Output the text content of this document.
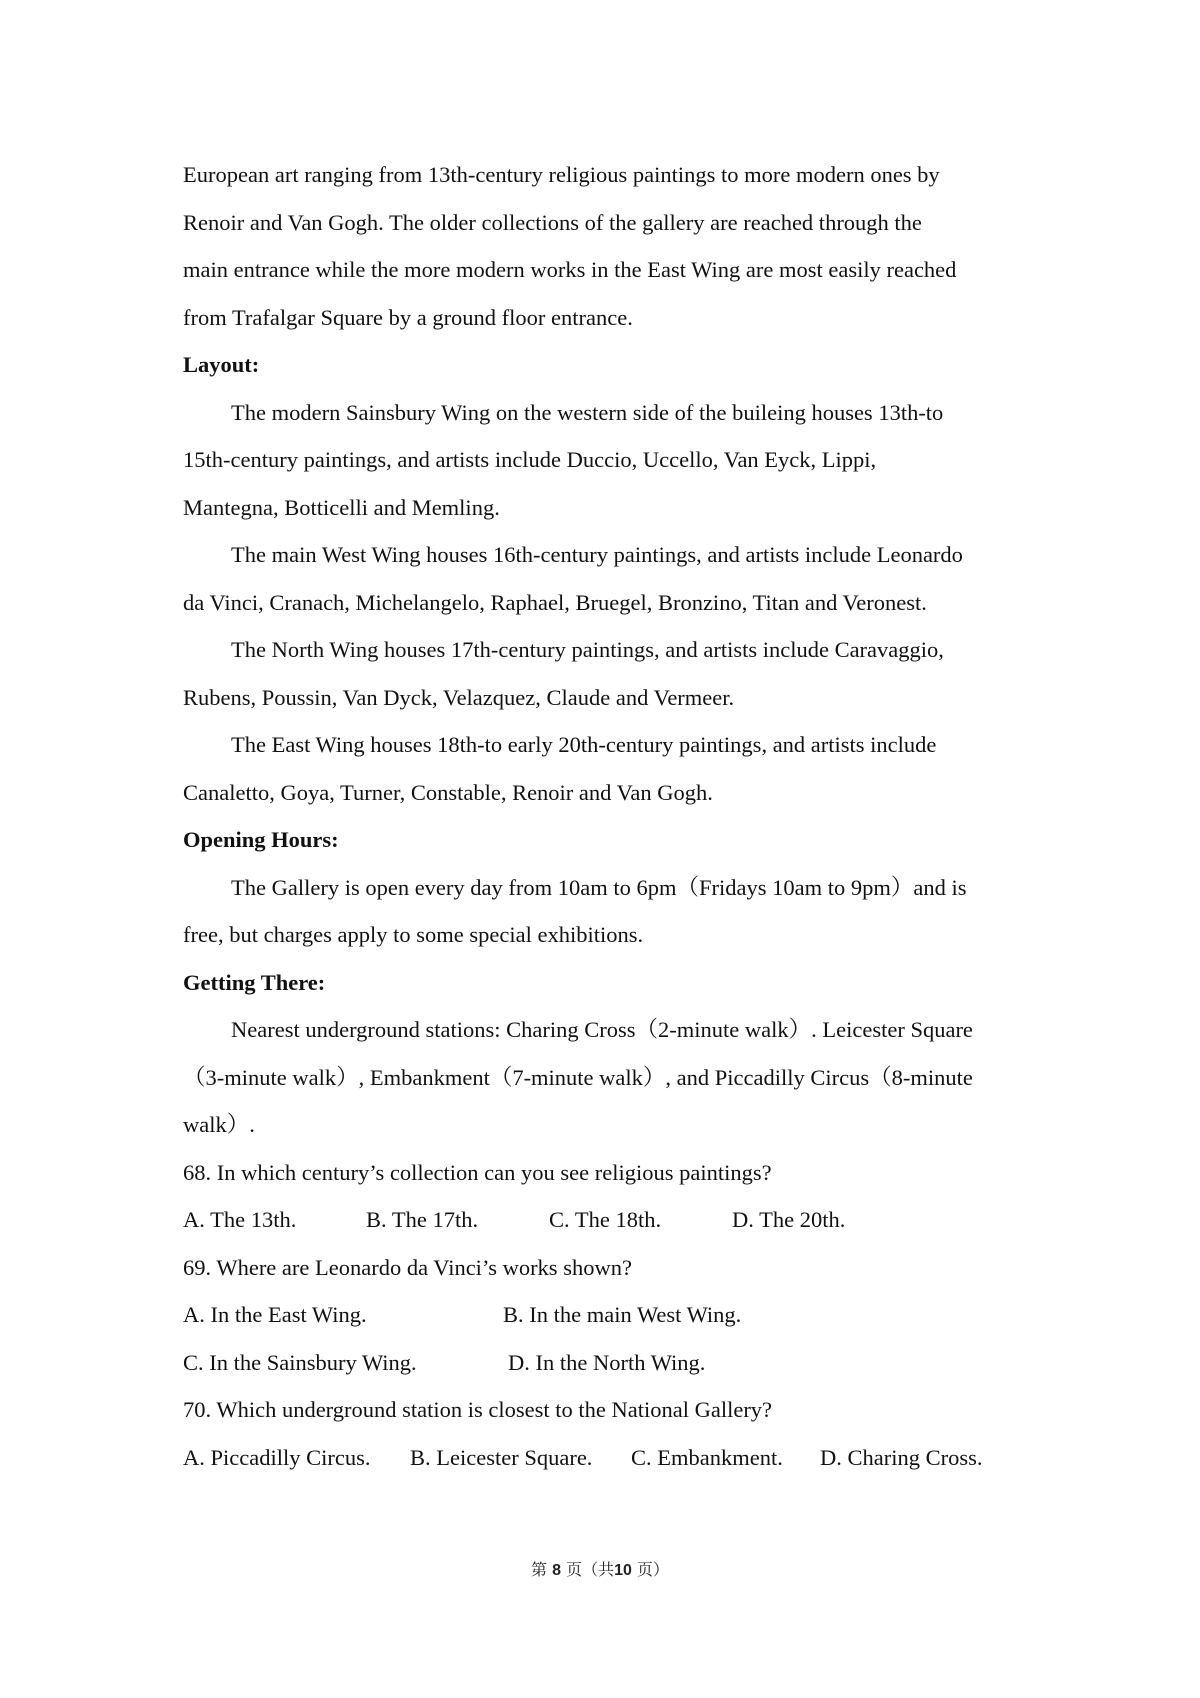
European art ranging from 13th-century religious paintings to more modern ones by
Renoir and Van Gogh. The older collections of the gallery are reached through the
main entrance while the more modern works in the East Wing are most easily reached
from Trafalgar Square by a ground floor entrance.
Layout:
The modern Sainsbury Wing on the western side of the buileing houses 13th-to
15th-century paintings, and artists include Duccio, Uccello, Van Eyck, Lippi,
Mantegna, Botticelli and Memling.
The main West Wing houses 16th-century paintings, and artists include Leonardo
da Vinci, Cranach, Michelangelo, Raphael, Bruegel, Bronzino, Titan and Veronest.
The North Wing houses 17th-century paintings, and artists include Caravaggio,
Rubens, Poussin, Van Dyck, Velazquez, Claude and Vermeer.
The East Wing houses 18th-to early 20th-century paintings, and artists include
Canaletto, Goya, Turner, Constable, Renoir and Van Gogh.
Opening Hours:
The Gallery is open every day from 10am to 6pm（Fridays 10am to 9pm）and is
free, but charges apply to some special exhibitions.
Getting There:
Nearest underground stations: Charing Cross（2-minute walk）. Leicester Square
（3-minute walk）, Embankment（7-minute walk）, and Piccadilly Circus（8-minute
walk）.
68. In which century’s collection can you see religious paintings?
A. The 13th.	B. The 17th.	C. The 18th.	D. The 20th.
69. Where are Leonardo da Vinci’s works shown?
A. In the East Wing.	B. In the main West Wing.
C. In the Sainsbury Wing.	D. In the North Wing.
70. Which underground station is closest to the National Gallery?
A. Piccadilly Circus. B. Leicester Square. C. Embankment. D. Charing Cross.
第 8 页（共10 页）
